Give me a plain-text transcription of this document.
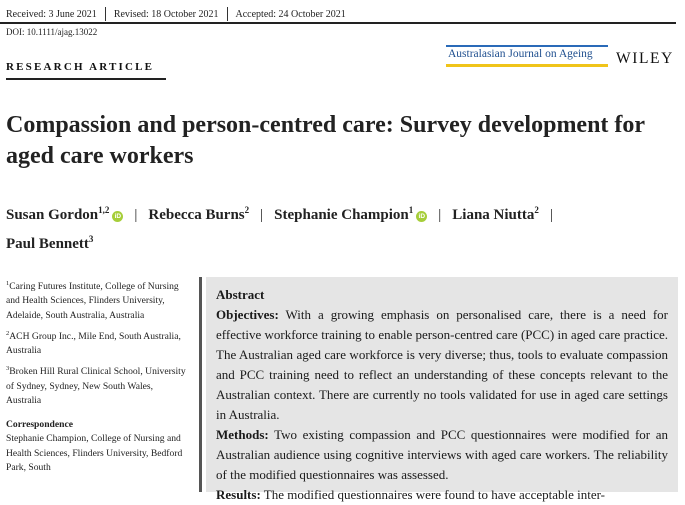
Received: 3 June 2021 Revised: 18 October 2021 Accepted: 24 October 2021
DOI: 10.1111/ajag.13022
Australasian Journal on Ageing WILEY
RESEARCH ARTICLE
Compassion and person-centred care: Survey development for aged care workers
Susan Gordon$^{1,2}$iD | Rebecca Burns$^2$ | Stephanie Champion$^1$iD | Liana Niutta$^2$ |
Paul Bennett$^3$

$^1$Caring Futures Institute, College of Nursing and Health Sciences, Flinders University, Adelaide, South Australia, Australia

$^2$ACH Group Inc., Mile End, South Australia, Australia

$^3$Broken Hill Rural Clinical School, University of Sydney, Sydney, New South Wales, Australia

Correspondence
Stephanie Champion, College of Nursing and Health Sciences, Flinders University, Bedford Park, South
Abstract

Objectives: With a growing emphasis on personalised care, there is a need for effective workforce training to enable person-centred care (PCC) in aged care practice. The Australian aged care workforce is very diverse; thus, tools to evaluate compassion and PCC training need to reflect an understanding of these concepts relevant to the Australian context. There are currently no tools validated for use in aged care settings in Australia.

Methods: Two existing compassion and PCC questionnaires were modified for an Australian audience using cognitive interviews with aged care workers. The reliability of the modified questionnaires was assessed.

Results: The modified questionnaires were found to have acceptable inter-
